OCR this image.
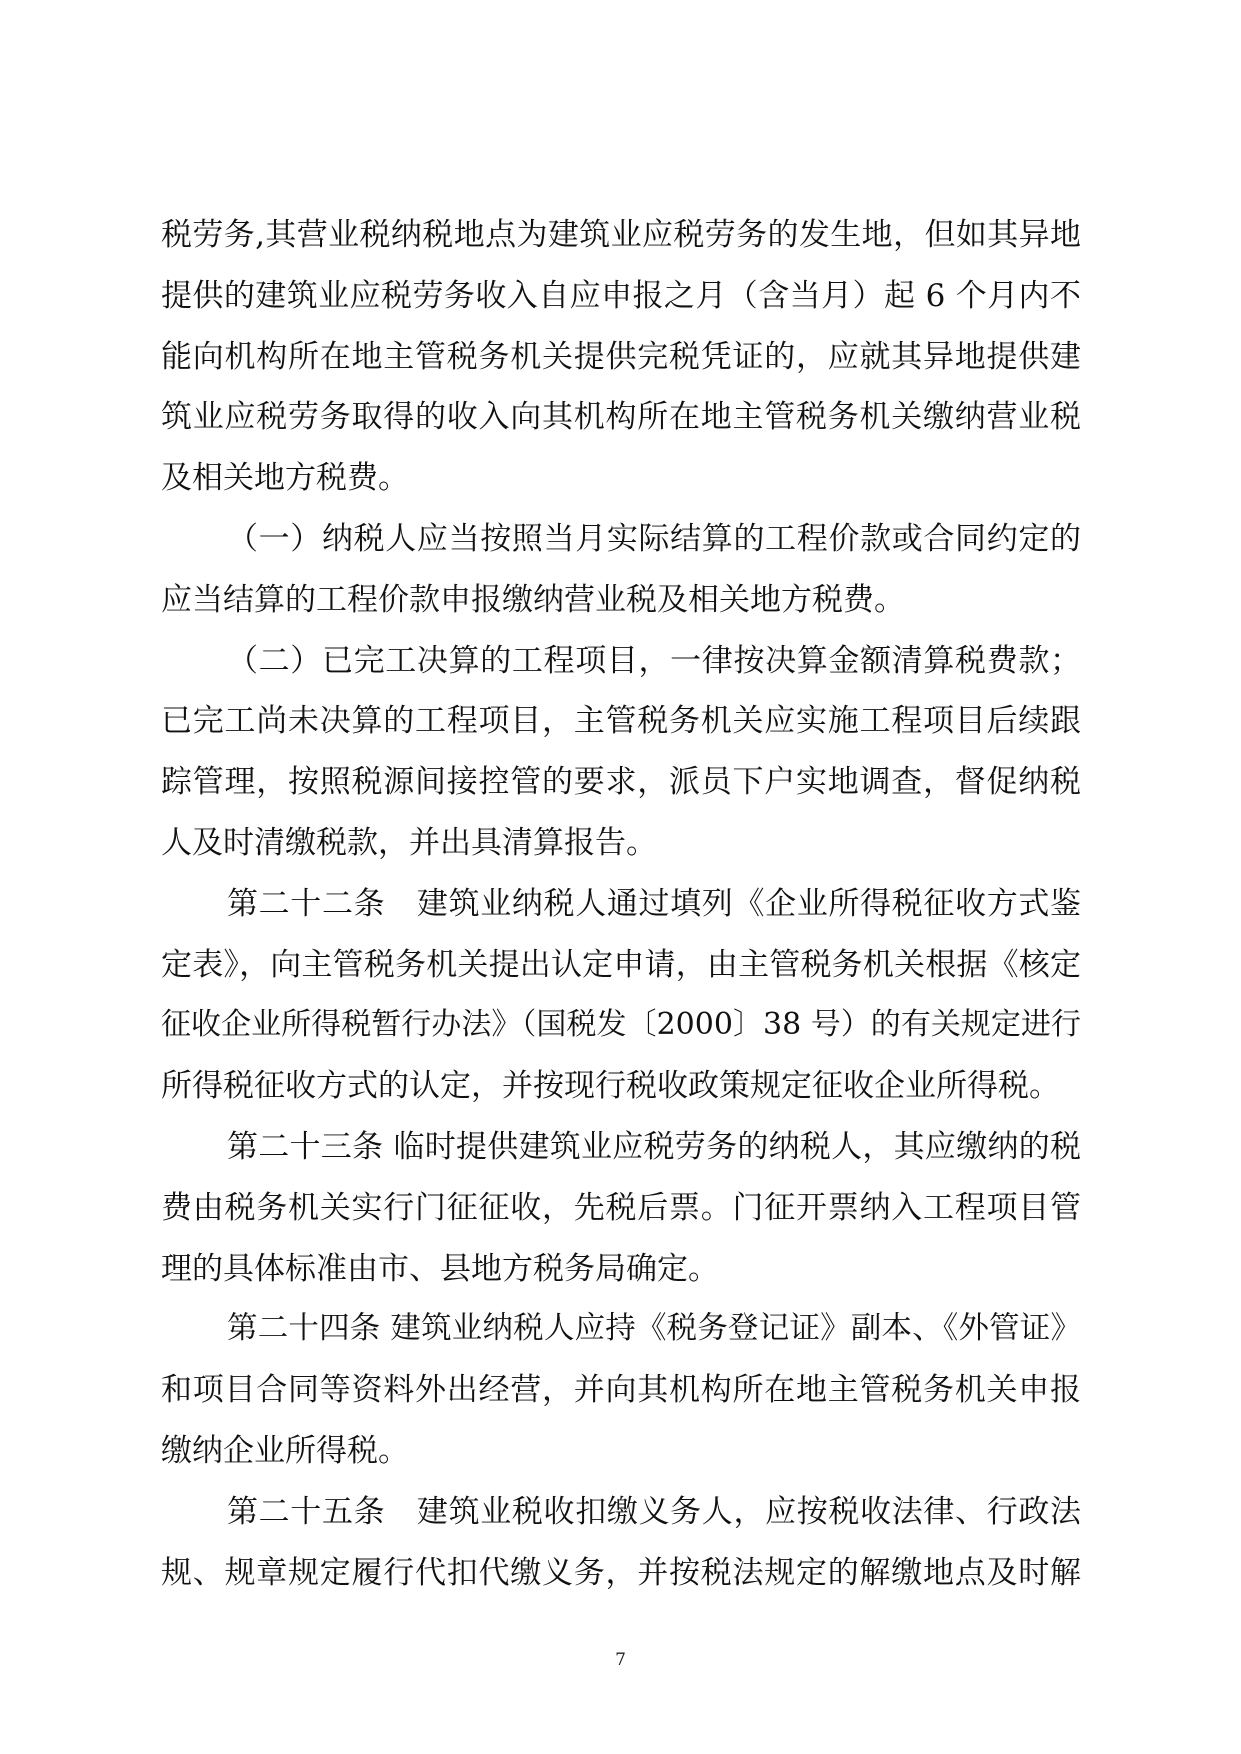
税劳务,其营业税纳税地点为建筑业应税劳务的发生地，但如其异地
提供的建筑业应税劳务收入自应申报之月（含当月）起 6 个月内不
能向机构所在地主管税务机关提供完税凭证的，应就其异地提供建
筑业应税劳务取得的收入向其机构所在地主管税务机关缴纳营业税
及相关地方税费。
（一）纳税人应当按照当月实际结算的工程价款或合同约定的
应当结算的工程价款申报缴纳营业税及相关地方税费。
（二）已完工决算的工程项目，一律按决算金额清算税费款；
已完工尚未决算的工程项目，主管税务机关应实施工程项目后续跟
踪管理，按照税源间接控管的要求，派员下户实地调查，督促纳税
人及时清缴税款，并出具清算报告。
第二十二条　建筑业纳税人通过填列《企业所得税征收方式鉴
定表》，向主管税务机关提出认定申请，由主管税务机关根据《核定
征收企业所得税暂行办法》（国税发〔2000〕38 号）的有关规定进行
所得税征收方式的认定，并按现行税收政策规定征收企业所得税。
第二十三条 临时提供建筑业应税劳务的纳税人，其应缴纳的税
费由税务机关实行门征征收，先税后票。门征开票纳入工程项目管
理的具体标准由市、县地方税务局确定。
第二十四条 建筑业纳税人应持《税务登记证》副本、《外管证》
和项目合同等资料外出经营，并向其机构所在地主管税务机关申报
缴纳企业所得税。
第二十五条　建筑业税收扣缴义务人，应按税收法律、行政法
规、规章规定履行代扣代缴义务，并按税法规定的解缴地点及时解
7
